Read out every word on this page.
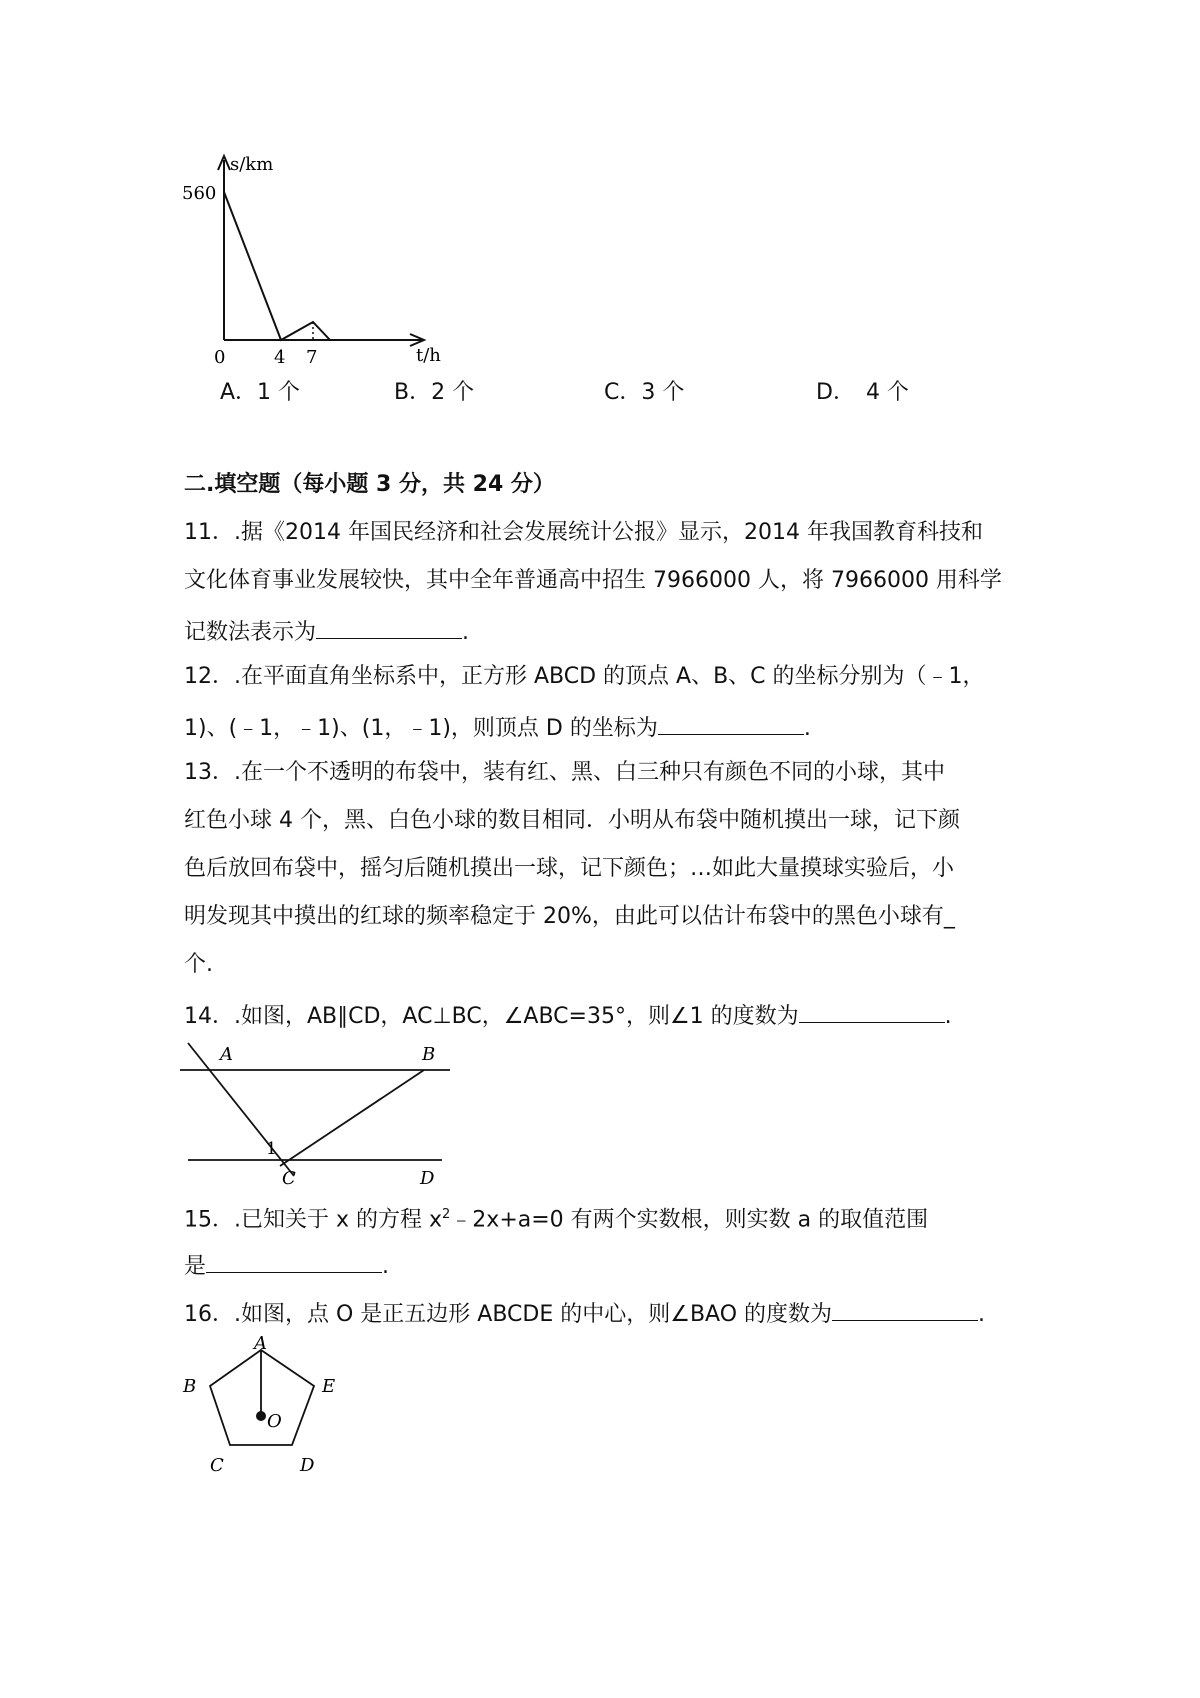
s/km
560
0	4 7	t/h
A．1 个	B．2 个	C．3 个	D．　4 个
二.填空题（每小题 3 分，共 24 分）
11．.据《2014 年国民经济和社会发展统计公报》显示，2014 年我国教育科技和
文化体育事业发展较快，其中全年普通高中招生 7966000 人，将 7966000 用科学
记数法表示为	.
12．.在平面直角坐标系中，正方形 ABCD 的顶点 A、B、C 的坐标分别为（﹣1，
1)、(﹣1，﹣1)、(1，﹣1)，则顶点 D 的坐标为	.
13．.在一个不透明的布袋中，装有红、黑、白三种只有颜色不同的小球，其中
红色小球 4 个，黑、白色小球的数目相同．小明从布袋中随机摸出一球，记下颜
色后放回布袋中，摇匀后随机摸出一球，记下颜色；…如此大量摸球实验后，小
明发现其中摸出的红球的频率稳定于 20%，由此可以估计布袋中的黑色小球有_
个.
14．.如图，AB∥CD，AC⊥BC，∠ABC=35°，则∠1 的度数为	.
A	B
C	D
1
15．.已知关于 x 的方程 $x^2﹣2x+a=0$ 有两个实数根，则实数 a 的取值范围
是	.
16．.如图，点 O 是正五边形 ABCDE 的中心，则∠BAO 的度数为	.
A
B	E
O
C	D
